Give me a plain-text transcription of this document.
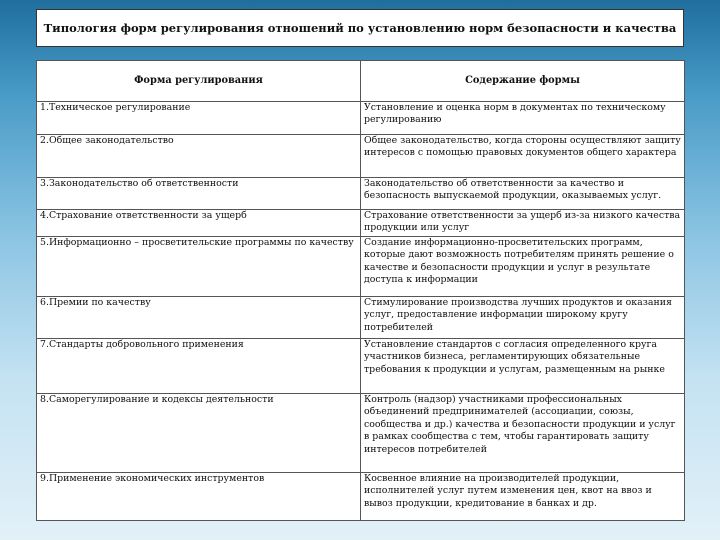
Типология форм регулирования отношений по установлению норм безопасности и качества
Форма регулирования	Содержание формы
1.Техническое регулирование	Установление и оценка норм в документах по техническому регулированию
2.Общее законодательство	Общее законодательство, когда стороны осуществляют защиту интересов с помощью правовых документов общего характера
3.Законодательство об ответственности	Законодательство об ответственности за качество и безопасность выпускаемой продукции, оказываемых услуг.
4.Страхование ответственности за ущерб	Страхование ответственности за ущерб из-за низкого качества продукции или услуг
5.Информационно – просветительские программы по качеству	Создание информационно-просветительских программ, которые дают возможность потребителям принять решение о качестве и безопасности продукции и услуг в результате доступа к информации
6.Премии по качеству	Стимулирование производства лучших продуктов и оказания услуг, предоставление информации широкому кругу потребителей
7.Стандарты добровольного применения	Установление стандартов с согласия определенного круга участников бизнеса, регламентирующих обязательные требования к продукции и услугам, размещенным на рынке
8.Саморегулирование и кодексы деятельности	Контроль (надзор) участниками профессиональных объединений предпринимателей (ассоциации, союзы, сообщества и др.) качества и безопасности продукции и услуг в рамках сообщества с тем, чтобы гарантировать защиту интересов потребителей
9.Применение экономических инструментов	Косвенное влияние на производителей продукции, исполнителей услуг путем изменения цен, квот на ввоз и вывоз продукции, кредитование в банках и др.
